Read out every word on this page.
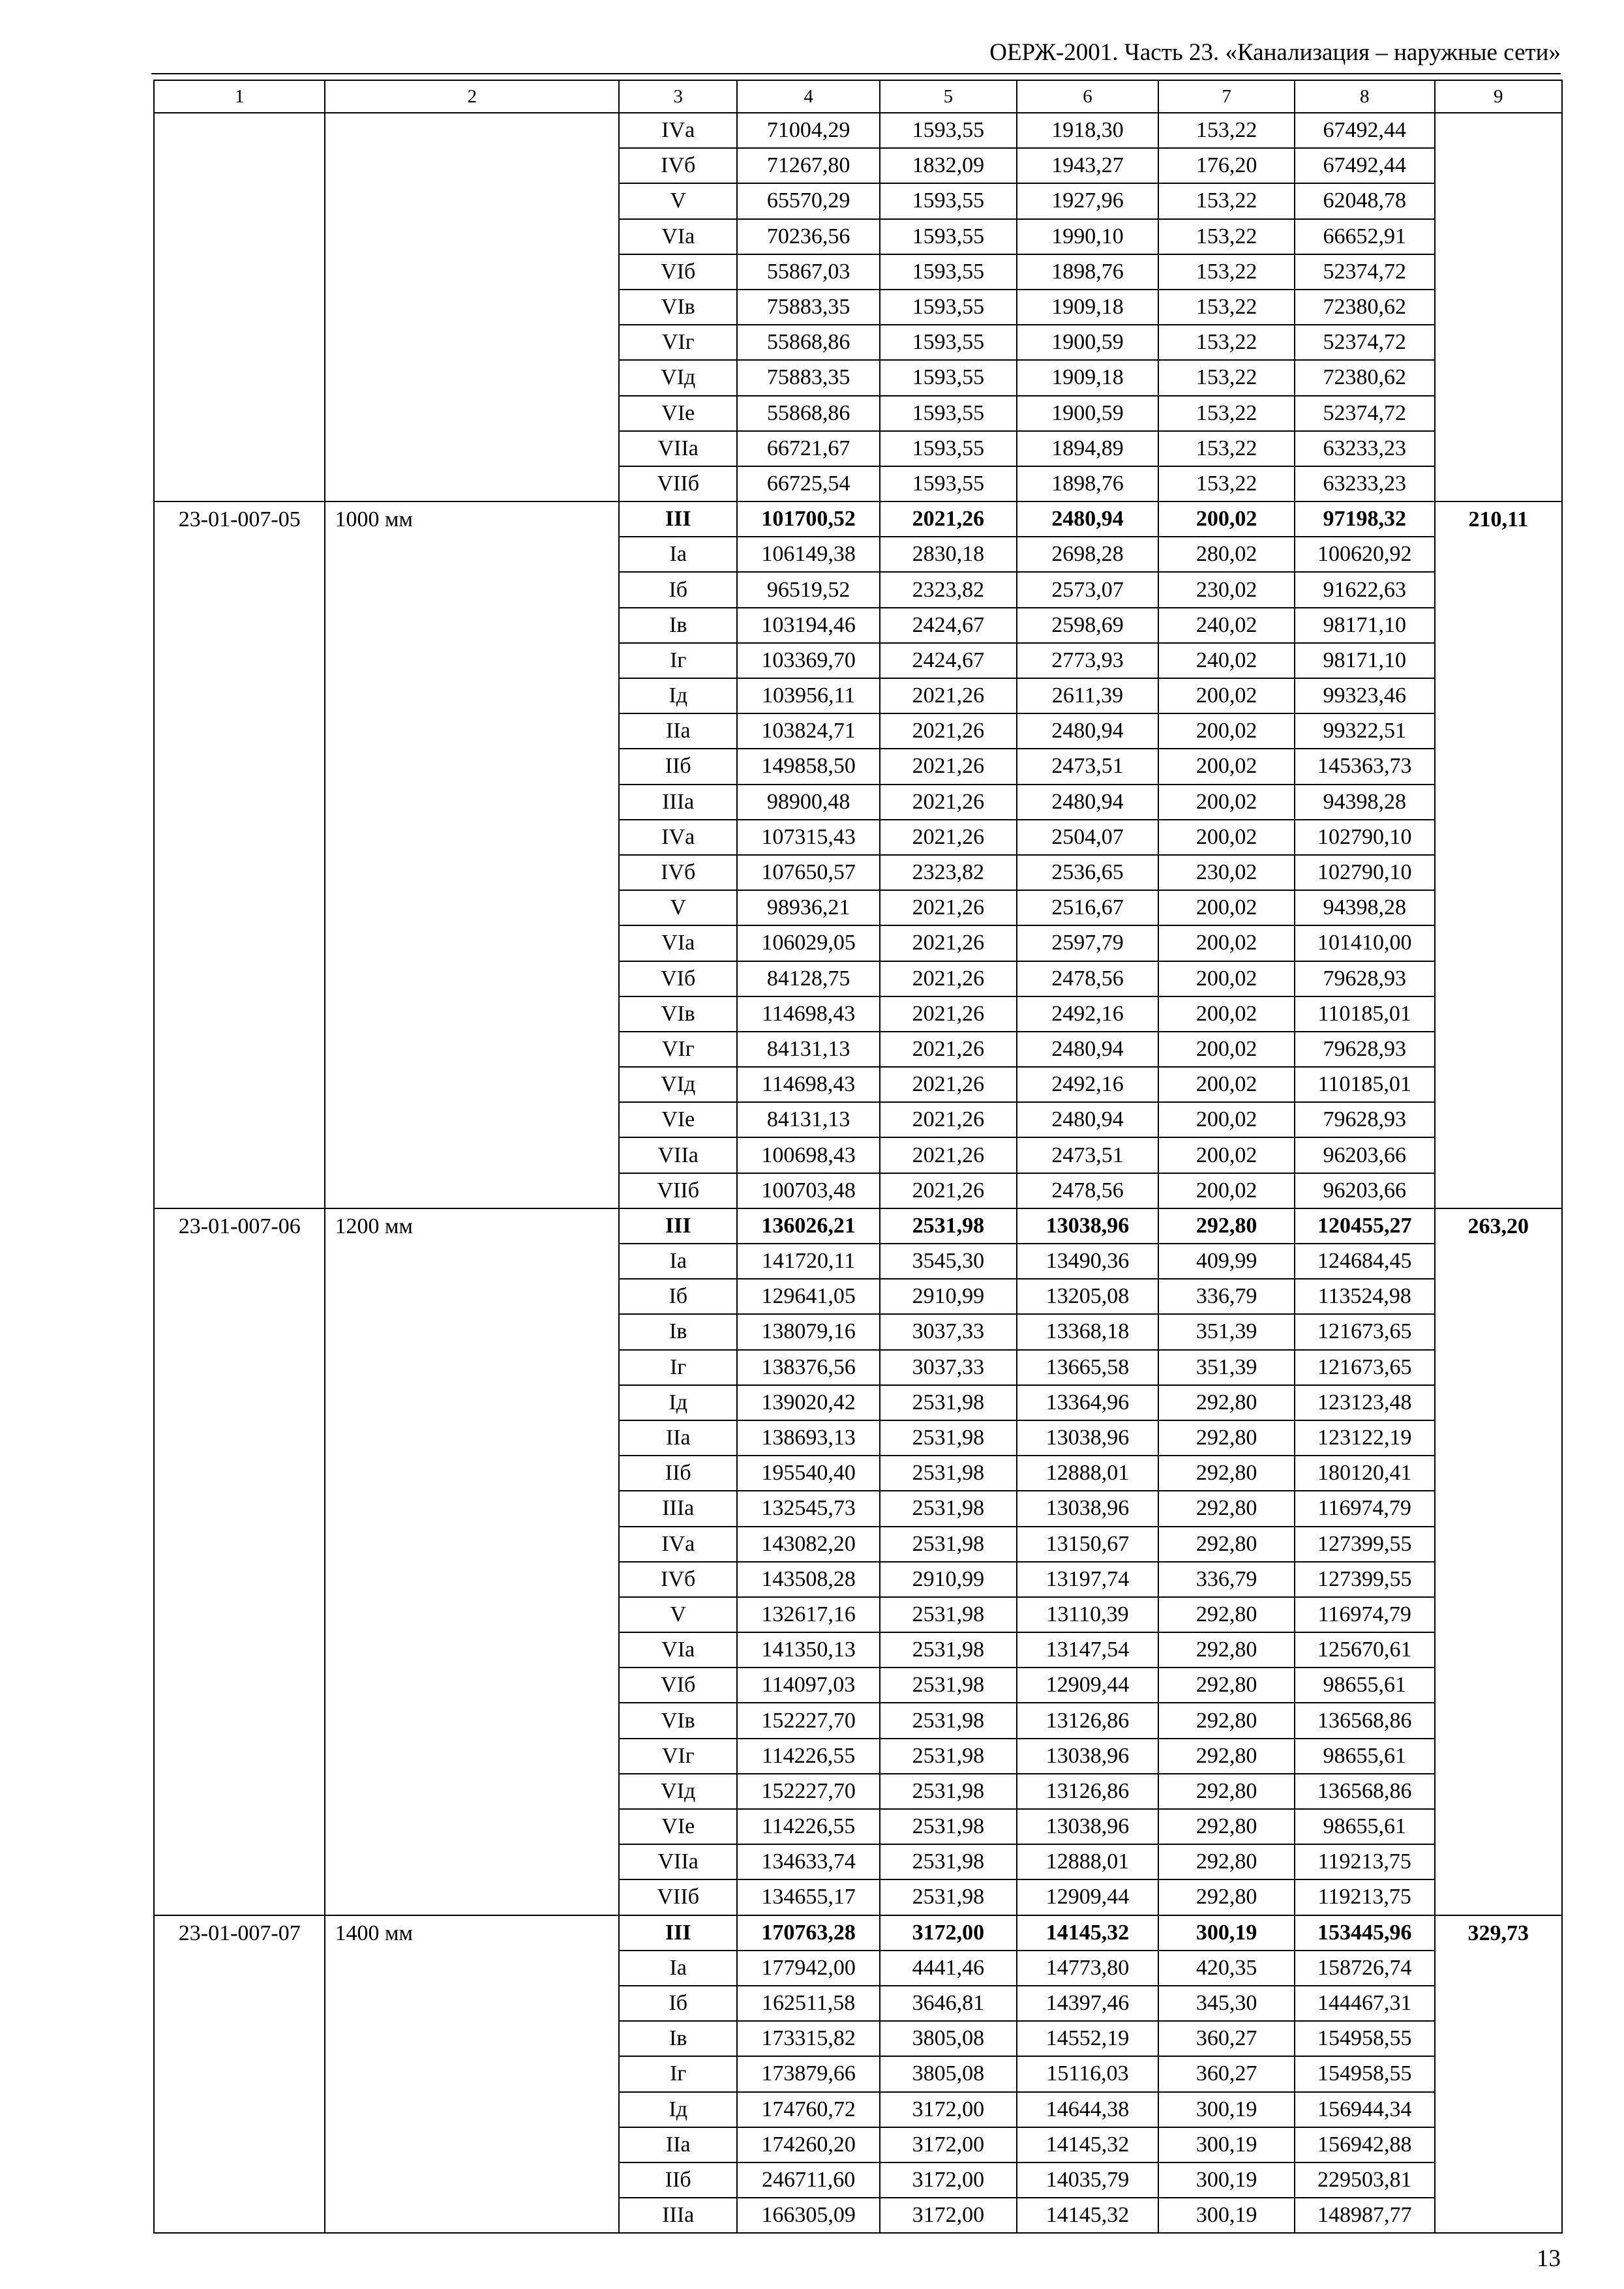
ОЕРЖ-2001. Часть 23. «Канализация – наружные сети»
1	2	3	4	5	6	7	8	9
		IVа	71004,29	1593,55	1918,30	153,22	67492,44	
		IVб	71267,80	1832,09	1943,27	176,20	67492,44	
		V	65570,29	1593,55	1927,96	153,22	62048,78	
		VIа	70236,56	1593,55	1990,10	153,22	66652,91	
		VIб	55867,03	1593,55	1898,76	153,22	52374,72	
		VIв	75883,35	1593,55	1909,18	153,22	72380,62	
		VIг	55868,86	1593,55	1900,59	153,22	52374,72	
		VIд	75883,35	1593,55	1909,18	153,22	72380,62	
		VIе	55868,86	1593,55	1900,59	153,22	52374,72	
		VIIа	66721,67	1593,55	1894,89	153,22	63233,23	
		VIIб	66725,54	1593,55	1898,76	153,22	63233,23	
23-01-007-05	1000 мм	III	101700,52	2021,26	2480,94	200,02	97198,32	210,11
		Iа	106149,38	2830,18	2698,28	280,02	100620,92	
		Iб	96519,52	2323,82	2573,07	230,02	91622,63	
		Iв	103194,46	2424,67	2598,69	240,02	98171,10	
		Iг	103369,70	2424,67	2773,93	240,02	98171,10	
		Iд	103956,11	2021,26	2611,39	200,02	99323,46	
		IIа	103824,71	2021,26	2480,94	200,02	99322,51	
		IIб	149858,50	2021,26	2473,51	200,02	145363,73	
		IIIа	98900,48	2021,26	2480,94	200,02	94398,28	
		IVа	107315,43	2021,26	2504,07	200,02	102790,10	
		IVб	107650,57	2323,82	2536,65	230,02	102790,10	
		V	98936,21	2021,26	2516,67	200,02	94398,28	
		VIа	106029,05	2021,26	2597,79	200,02	101410,00	
		VIб	84128,75	2021,26	2478,56	200,02	79628,93	
		VIв	114698,43	2021,26	2492,16	200,02	110185,01	
		VIг	84131,13	2021,26	2480,94	200,02	79628,93	
		VIд	114698,43	2021,26	2492,16	200,02	110185,01	
		VIе	84131,13	2021,26	2480,94	200,02	79628,93	
		VIIа	100698,43	2021,26	2473,51	200,02	96203,66	
		VIIб	100703,48	2021,26	2478,56	200,02	96203,66	
23-01-007-06	1200 мм	III	136026,21	2531,98	13038,96	292,80	120455,27	263,20
		Iа	141720,11	3545,30	13490,36	409,99	124684,45	
		Iб	129641,05	2910,99	13205,08	336,79	113524,98	
		Iв	138079,16	3037,33	13368,18	351,39	121673,65	
		Iг	138376,56	3037,33	13665,58	351,39	121673,65	
		Iд	139020,42	2531,98	13364,96	292,80	123123,48	
		IIа	138693,13	2531,98	13038,96	292,80	123122,19	
		IIб	195540,40	2531,98	12888,01	292,80	180120,41	
		IIIа	132545,73	2531,98	13038,96	292,80	116974,79	
		IVа	143082,20	2531,98	13150,67	292,80	127399,55	
		IVб	143508,28	2910,99	13197,74	336,79	127399,55	
		V	132617,16	2531,98	13110,39	292,80	116974,79	
		VIа	141350,13	2531,98	13147,54	292,80	125670,61	
		VIб	114097,03	2531,98	12909,44	292,80	98655,61	
		VIв	152227,70	2531,98	13126,86	292,80	136568,86	
		VIг	114226,55	2531,98	13038,96	292,80	98655,61	
		VIд	152227,70	2531,98	13126,86	292,80	136568,86	
		VIе	114226,55	2531,98	13038,96	292,80	98655,61	
		VIIа	134633,74	2531,98	12888,01	292,80	119213,75	
		VIIб	134655,17	2531,98	12909,44	292,80	119213,75	
23-01-007-07	1400 мм	III	170763,28	3172,00	14145,32	300,19	153445,96	329,73
		Iа	177942,00	4441,46	14773,80	420,35	158726,74	
		Iб	162511,58	3646,81	14397,46	345,30	144467,31	
		Iв	173315,82	3805,08	14552,19	360,27	154958,55	
		Iг	173879,66	3805,08	15116,03	360,27	154958,55	
		Iд	174760,72	3172,00	14644,38	300,19	156944,34	
		IIа	174260,20	3172,00	14145,32	300,19	156942,88	
		IIб	246711,60	3172,00	14035,79	300,19	229503,81	
		IIIа	166305,09	3172,00	14145,32	300,19	148987,77	
13
